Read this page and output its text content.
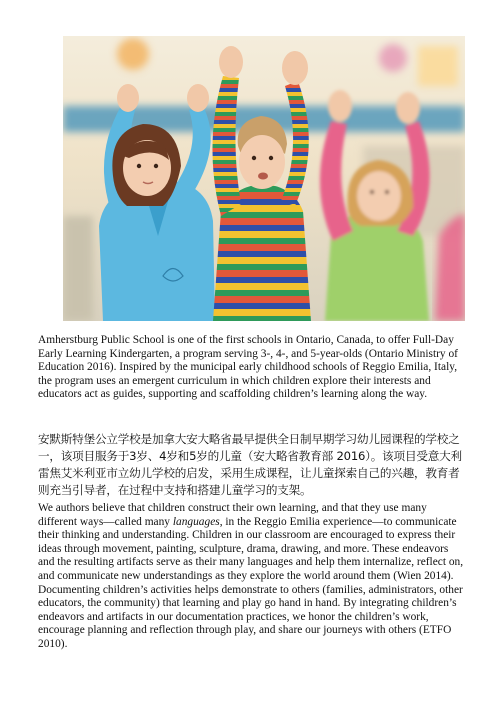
Amherstburg Public School is one of the first schools in Ontario, Canada, to offer Full-Day Early Learning Kindergarten, a program serving 3-, 4-, and 5-year-olds (Ontario Ministry of Education 2016). Inspired by the municipal early childhood schools of Reggio Emilia, Italy, the program uses an emergent curriculum in which children explore their interests and educators act as guides, supporting and scaffolding children’s learning along the way.

安默斯特堡公立学校是加拿大安大略省最早提供全日制早期学习幼儿园课程的学校之一，该项目服务于3岁、4岁和5岁的儿童（安大略省教育部 2016）。该项目受意大利雷焦艾米利亚市立幼儿学校的启发，采用生成课程，让儿童探索自己的兴趣，教育者则充当引导者，在过程中支持和搭建儿童学习的支架。

We authors believe that children construct their own learning, and that they use many different ways—called many languages, in the Reggio Emilia experience—to communicate their thinking and understanding. Children in our classroom are encouraged to express their ideas through movement, painting, sculpture, drama, drawing, and more. These endeavors and the resulting artifacts serve as their many languages and help them internalize, reflect on, and communicate new understandings as they explore the world around them (Wien 2014). Documenting children’s activities helps demonstrate to others (families, administrators, other educators, the community) that learning and play go hand in hand. By integrating children’s endeavors and artifacts in our documentation practices, we honor the children’s work, encourage planning and reflection through play, and share our journeys with others (ETFO 2010).
